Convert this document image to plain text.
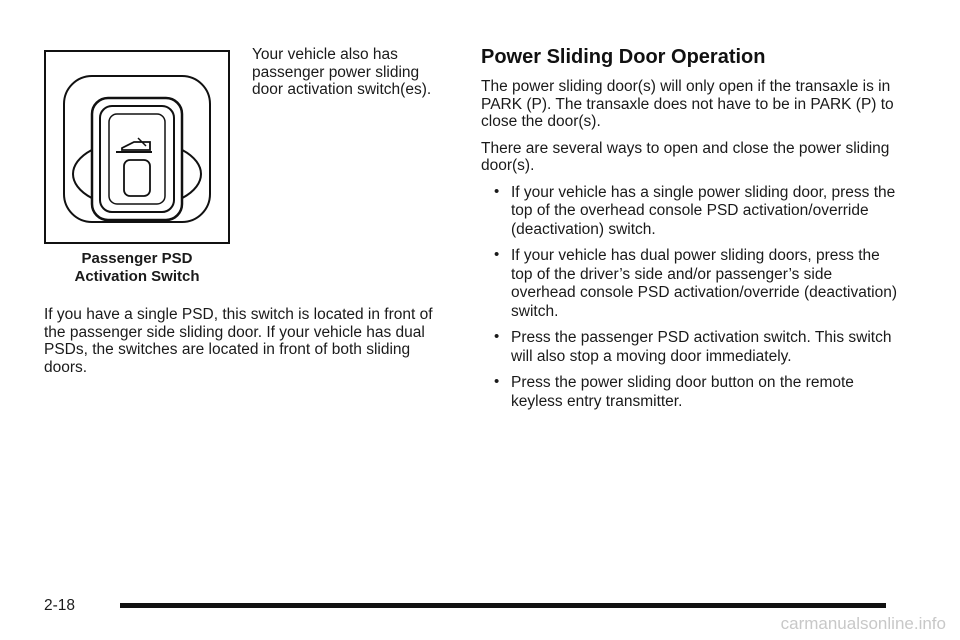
Passenger PSD
Activation Switch

Your vehicle also has passenger power sliding door activation switch(es).

If you have a single PSD, this switch is located in front of the passenger side sliding door. If your vehicle has dual PSDs, the switches are located in front of both sliding doors.

Power Sliding Door Operation

The power sliding door(s) will only open if the transaxle is in PARK (P). The transaxle does not have to be in PARK (P) to close the door(s).

There are several ways to open and close the power sliding door(s).

• If your vehicle has a single power sliding door, press the top of the overhead console PSD activation/override (deactivation) switch.
• If your vehicle has dual power sliding doors, press the top of the driver’s side and/or passenger’s side overhead console PSD activation/override (deactivation) switch.
• Press the passenger PSD activation switch. This switch will also stop a moving door immediately.
• Press the power sliding door button on the remote keyless entry transmitter.
2-18
carmanualsonline.info
